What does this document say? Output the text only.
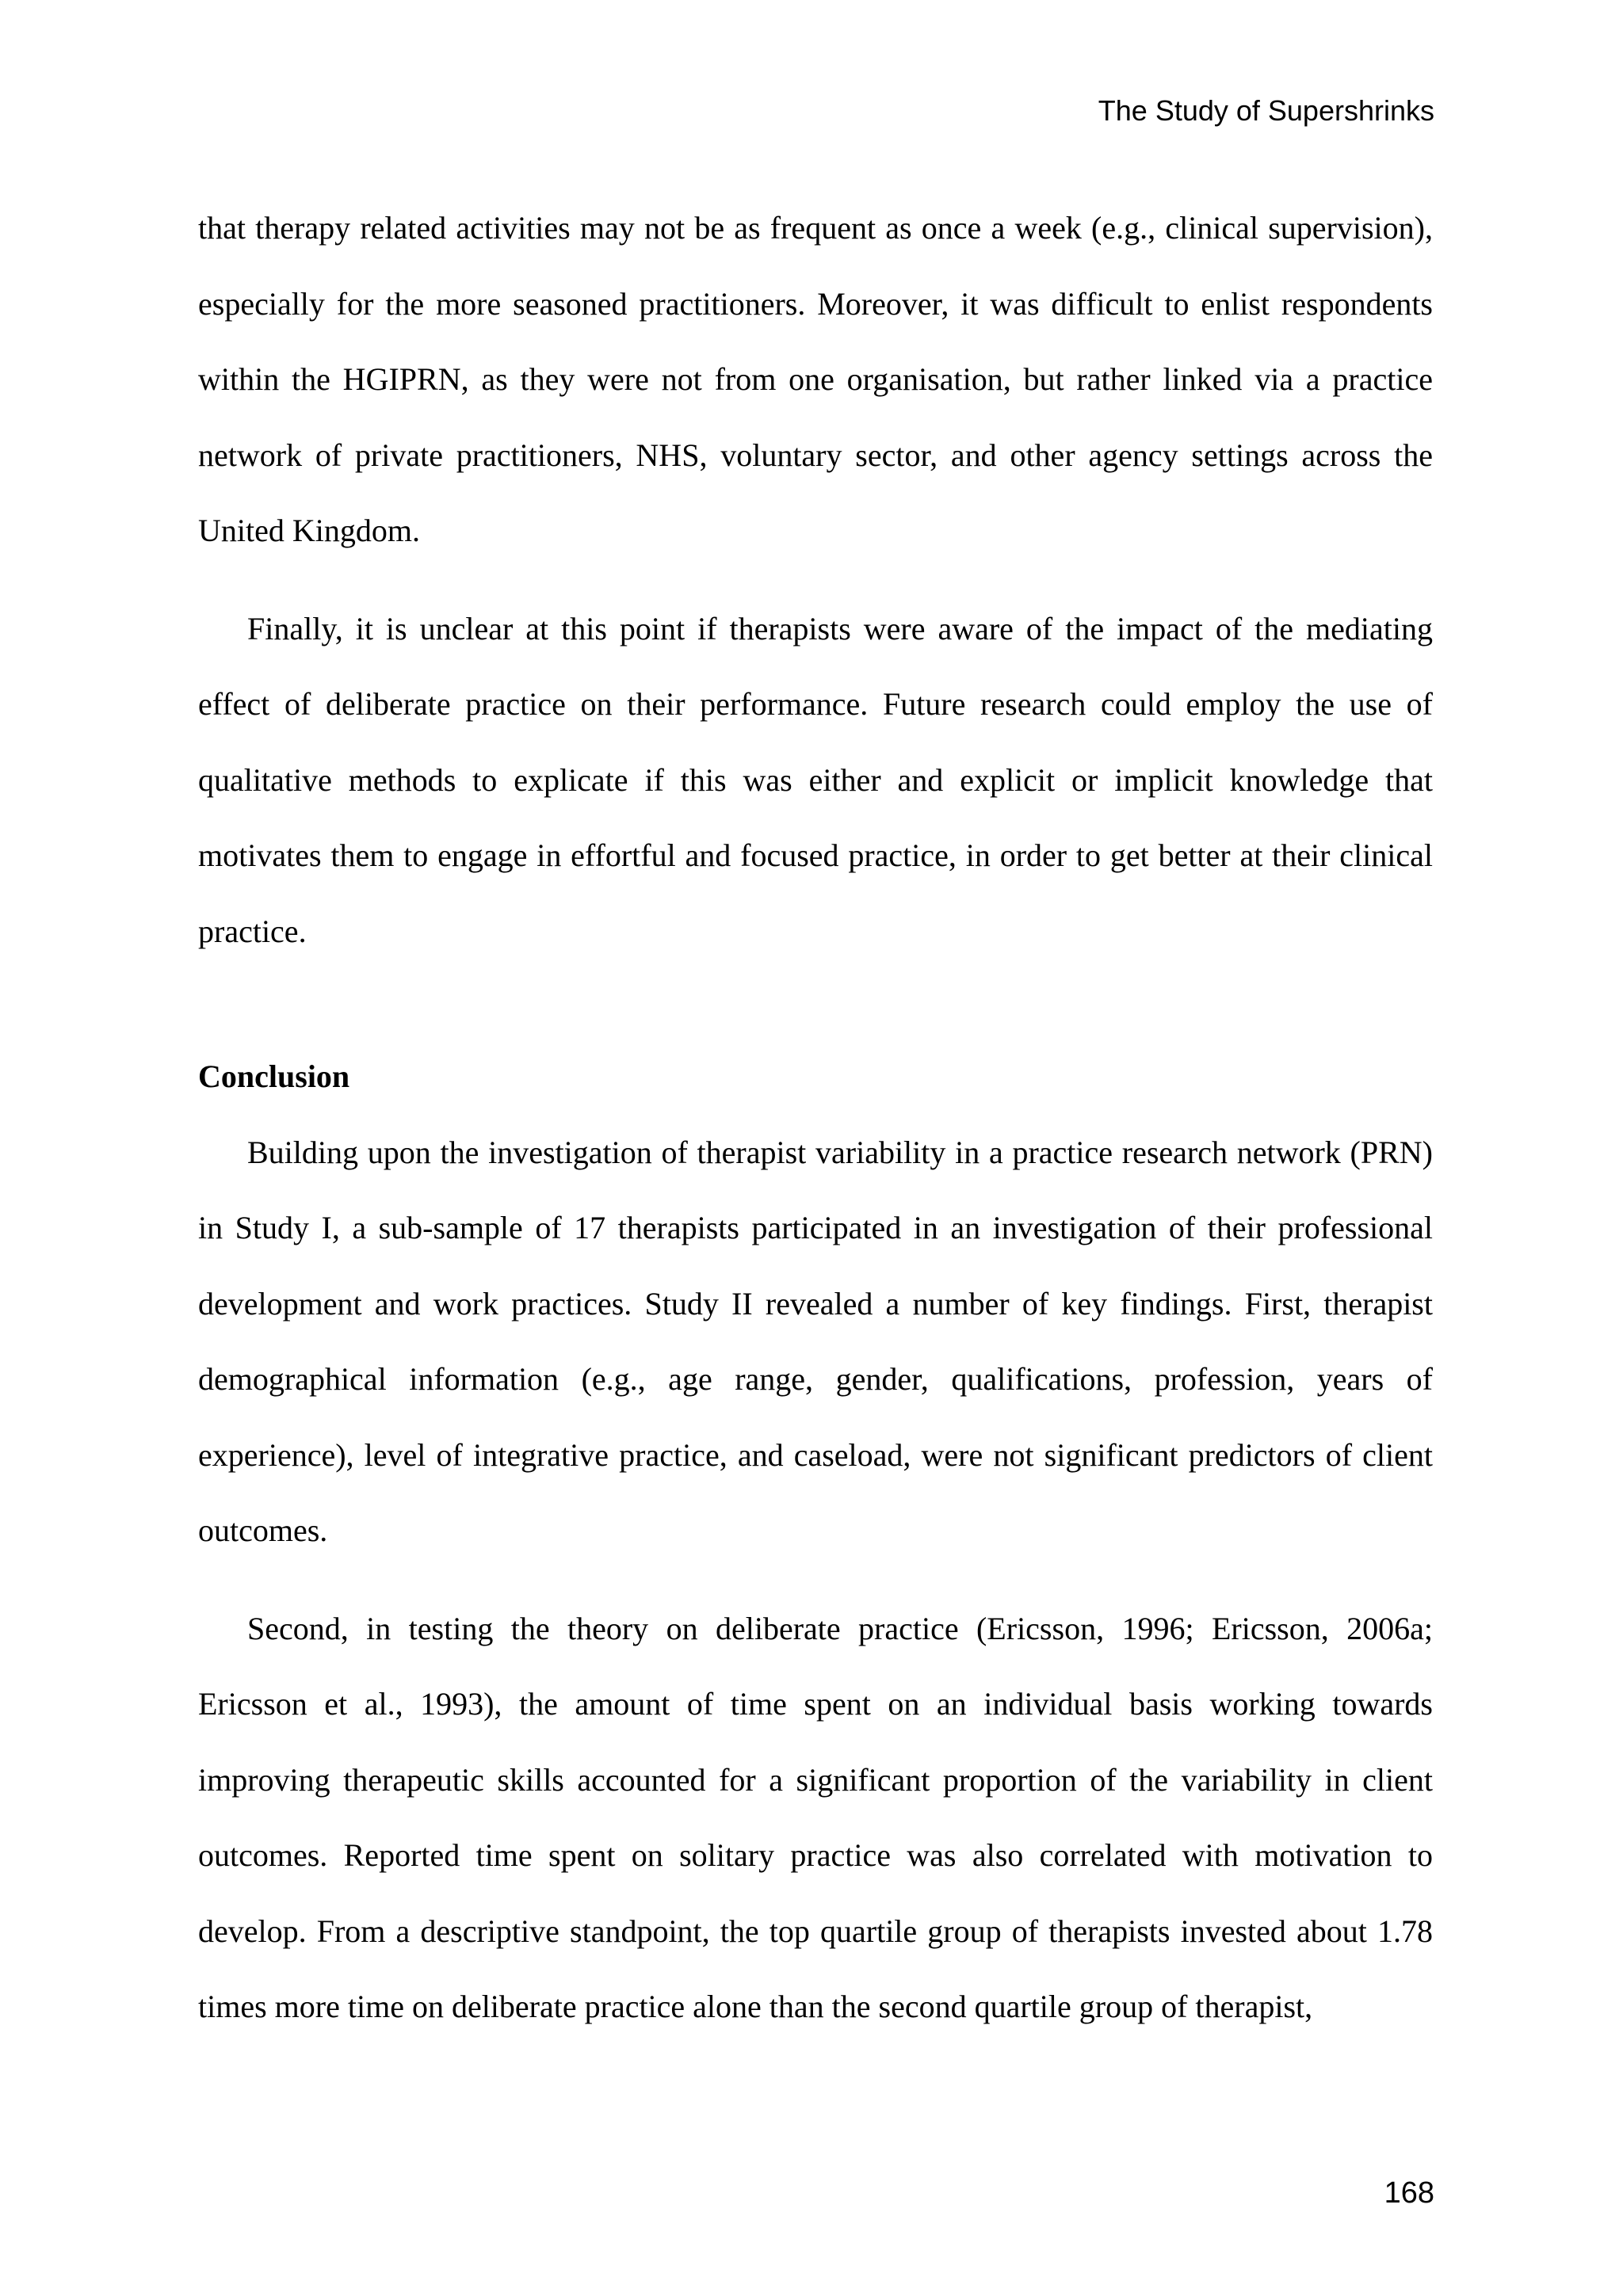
The Study of Supershrinks

that therapy related activities may not be as frequent as once a week (e.g., clinical supervision), especially for the more seasoned practitioners. Moreover, it was difficult to enlist respondents within the HGIPRN, as they were not from one organisation, but rather linked via a practice network of private practitioners, NHS, voluntary sector, and other agency settings across the United Kingdom.

Finally, it is unclear at this point if therapists were aware of the impact of the mediating effect of deliberate practice on their performance. Future research could employ the use of qualitative methods to explicate if this was either and explicit or implicit knowledge that motivates them to engage in effortful and focused practice, in order to get better at their clinical practice.

Conclusion

Building upon the investigation of therapist variability in a practice research network (PRN) in Study I, a sub-sample of 17 therapists participated in an investigation of their professional development and work practices. Study II revealed a number of key findings. First, therapist demographical information (e.g., age range, gender, qualifications, profession, years of experience), level of integrative practice, and caseload, were not significant predictors of client outcomes.

Second, in testing the theory on deliberate practice (Ericsson, 1996; Ericsson, 2006a; Ericsson et al., 1993), the amount of time spent on an individual basis working towards improving therapeutic skills accounted for a significant proportion of the variability in client outcomes. Reported time spent on solitary practice was also correlated with motivation to develop. From a descriptive standpoint, the top quartile group of therapists invested about 1.78 times more time on deliberate practice alone than the second quartile group of therapist,

168
